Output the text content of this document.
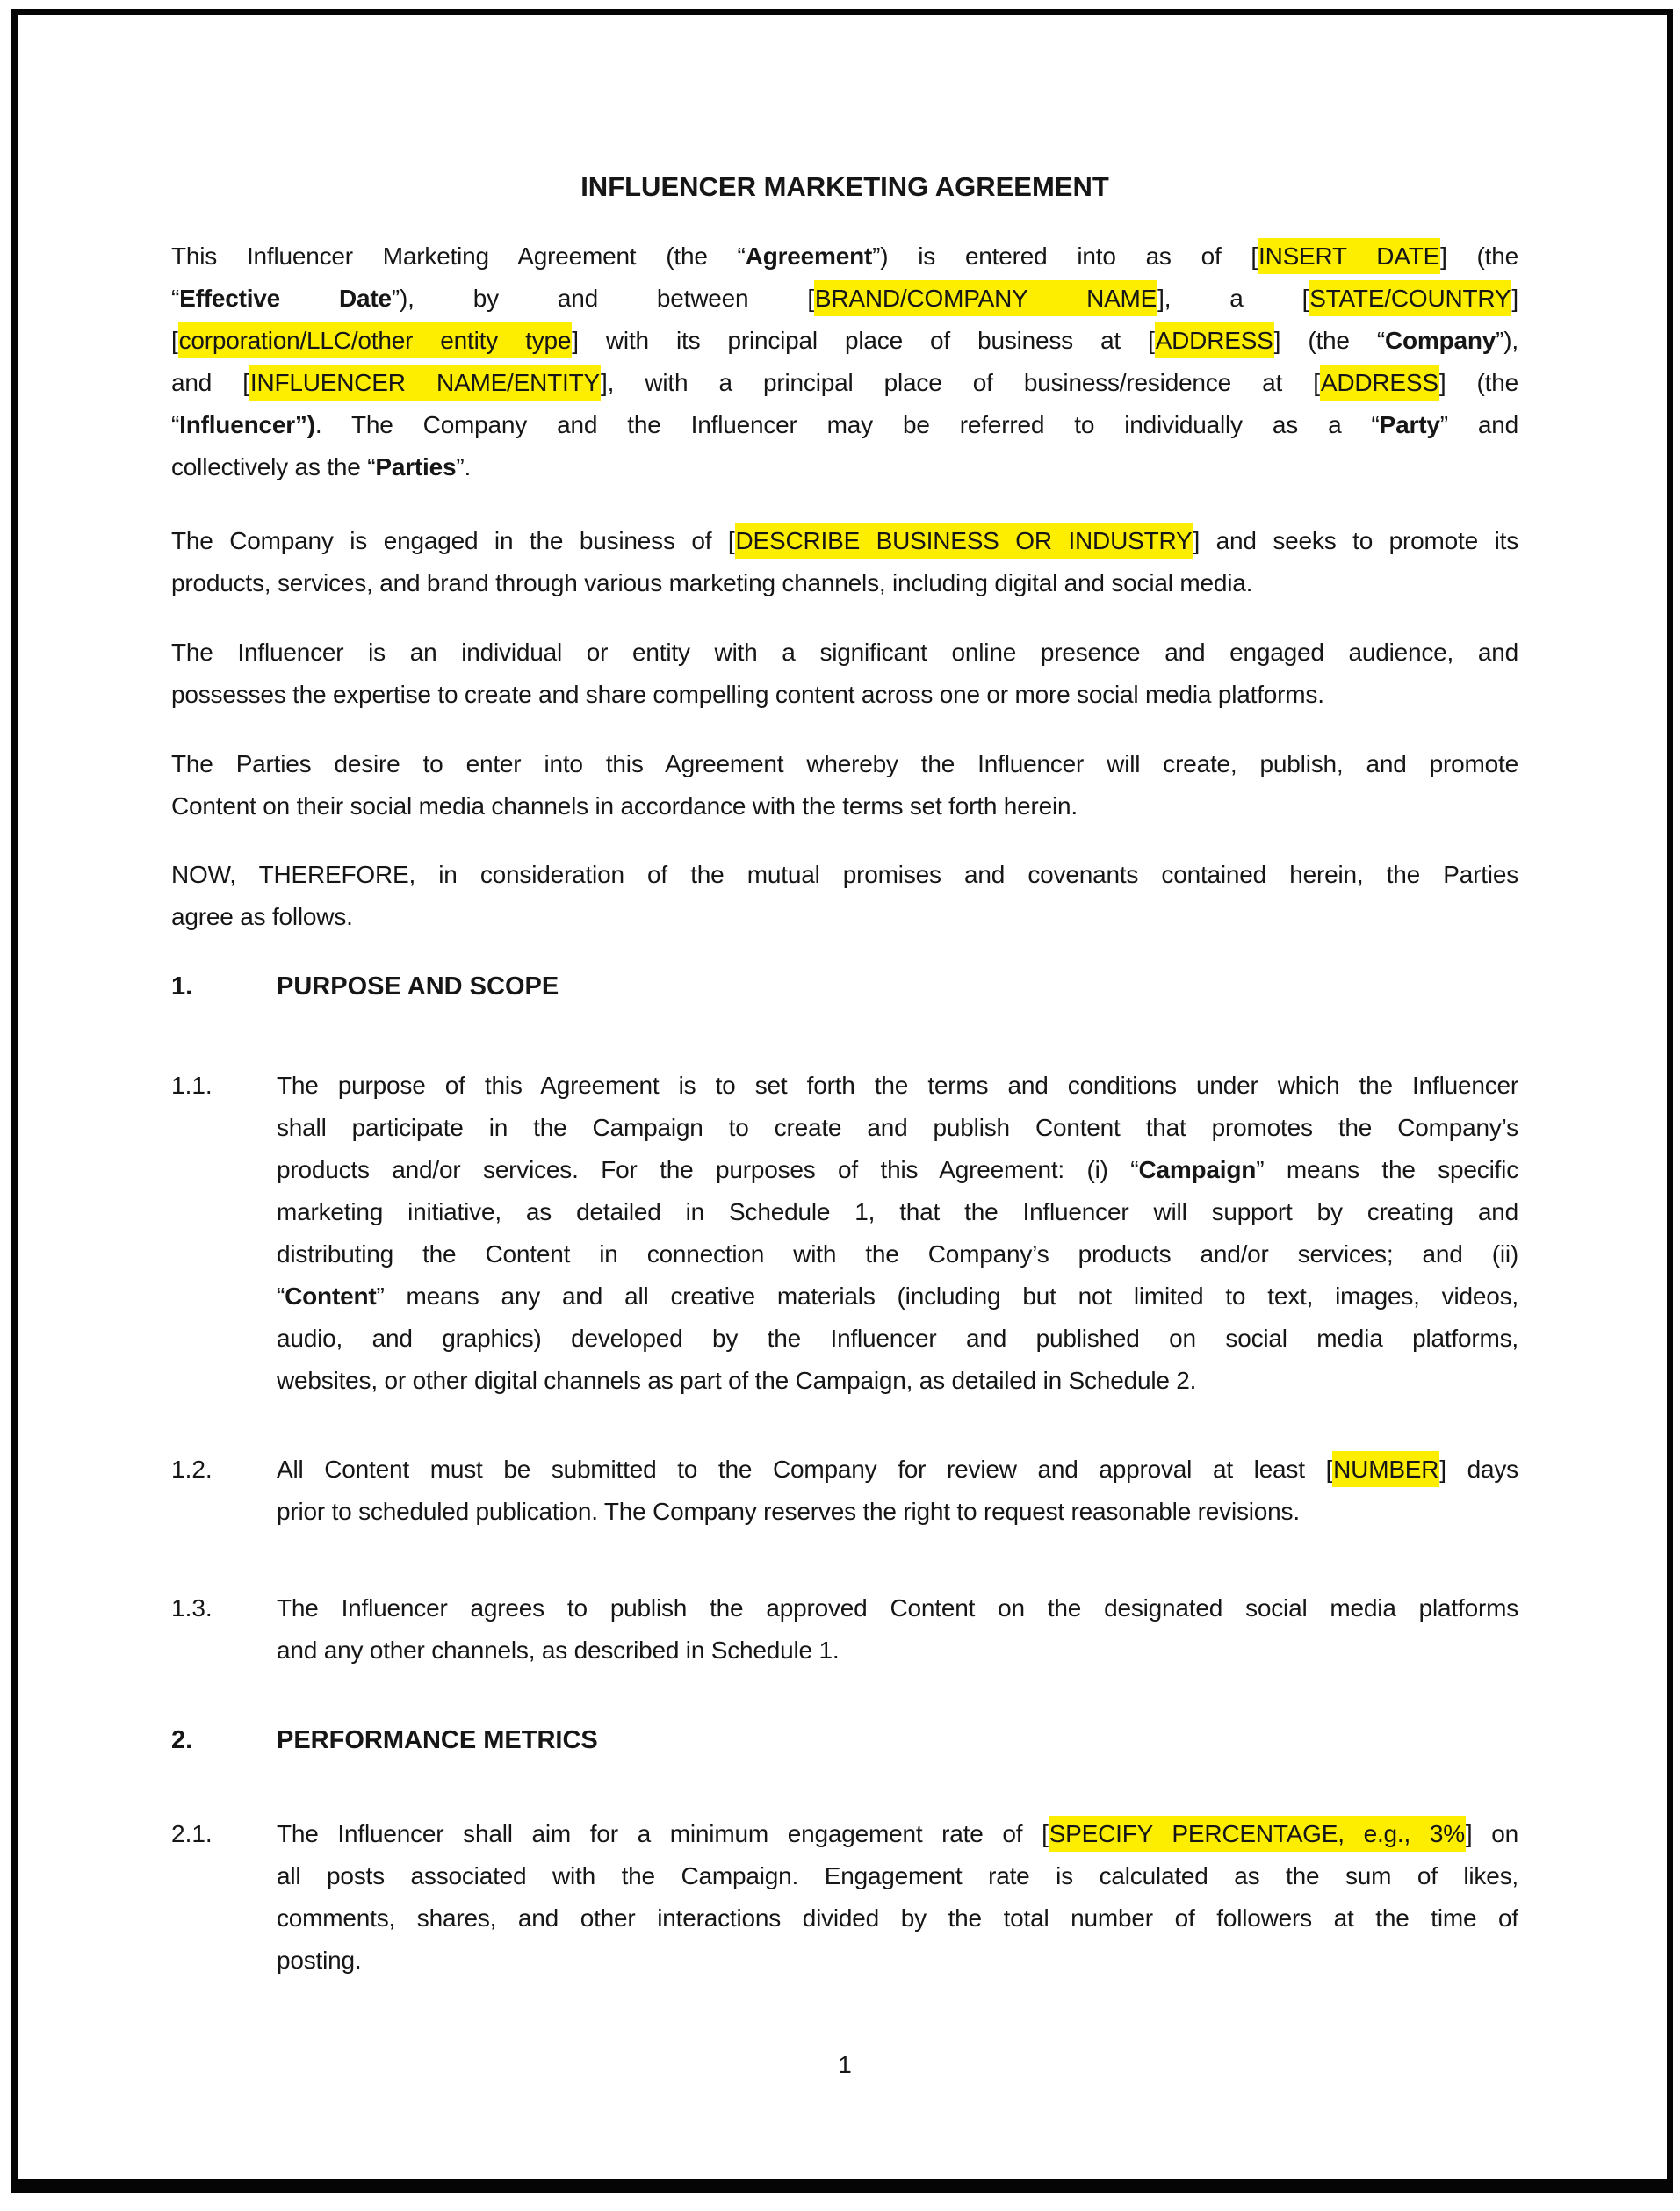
INFLUENCER MARKETING AGREEMENT
This Influencer Marketing Agreement (the “Agreement”) is entered into as of [INSERT DATE] (the
“Effective Date”), by and between [BRAND/COMPANY NAME], a [STATE/COUNTRY]
[corporation/LLC/other entity type] with its principal place of business at [ADDRESS] (the “Company”),
and [INFLUENCER NAME/ENTITY], with a principal place of business/residence at [ADDRESS] (the
“Influencer”). The Company and the Influencer may be referred to individually as a “Party” and
collectively as the “Parties”.
The Company is engaged in the business of [DESCRIBE BUSINESS OR INDUSTRY] and seeks to promote its
products, services, and brand through various marketing channels, including digital and social media.
The Influencer is an individual or entity with a significant online presence and engaged audience, and
possesses the expertise to create and share compelling content across one or more social media platforms.
The Parties desire to enter into this Agreement whereby the Influencer will create, publish, and promote
Content on their social media channels in accordance with the terms set forth herein.
NOW, THEREFORE, in consideration of the mutual promises and covenants contained herein, the Parties
agree as follows.
1.	PURPOSE AND SCOPE
1.1.	The purpose of this Agreement is to set forth the terms and conditions under which the Influencer
shall participate in the Campaign to create and publish Content that promotes the Company’s
products and/or services. For the purposes of this Agreement: (i) “Campaign” means the specific
marketing initiative, as detailed in Schedule 1, that the Influencer will support by creating and
distributing the Content in connection with the Company’s products and/or services; and (ii)
“Content” means any and all creative materials (including but not limited to text, images, videos,
audio, and graphics) developed by the Influencer and published on social media platforms,
websites, or other digital channels as part of the Campaign, as detailed in Schedule 2.
1.2.	All Content must be submitted to the Company for review and approval at least [NUMBER] days
prior to scheduled publication. The Company reserves the right to request reasonable revisions.
1.3.	The Influencer agrees to publish the approved Content on the designated social media platforms
and any other channels, as described in Schedule 1.
2.	PERFORMANCE METRICS
2.1.	The Influencer shall aim for a minimum engagement rate of [SPECIFY PERCENTAGE, e.g., 3%] on
all posts associated with the Campaign. Engagement rate is calculated as the sum of likes,
comments, shares, and other interactions divided by the total number of followers at the time of
posting.
1
